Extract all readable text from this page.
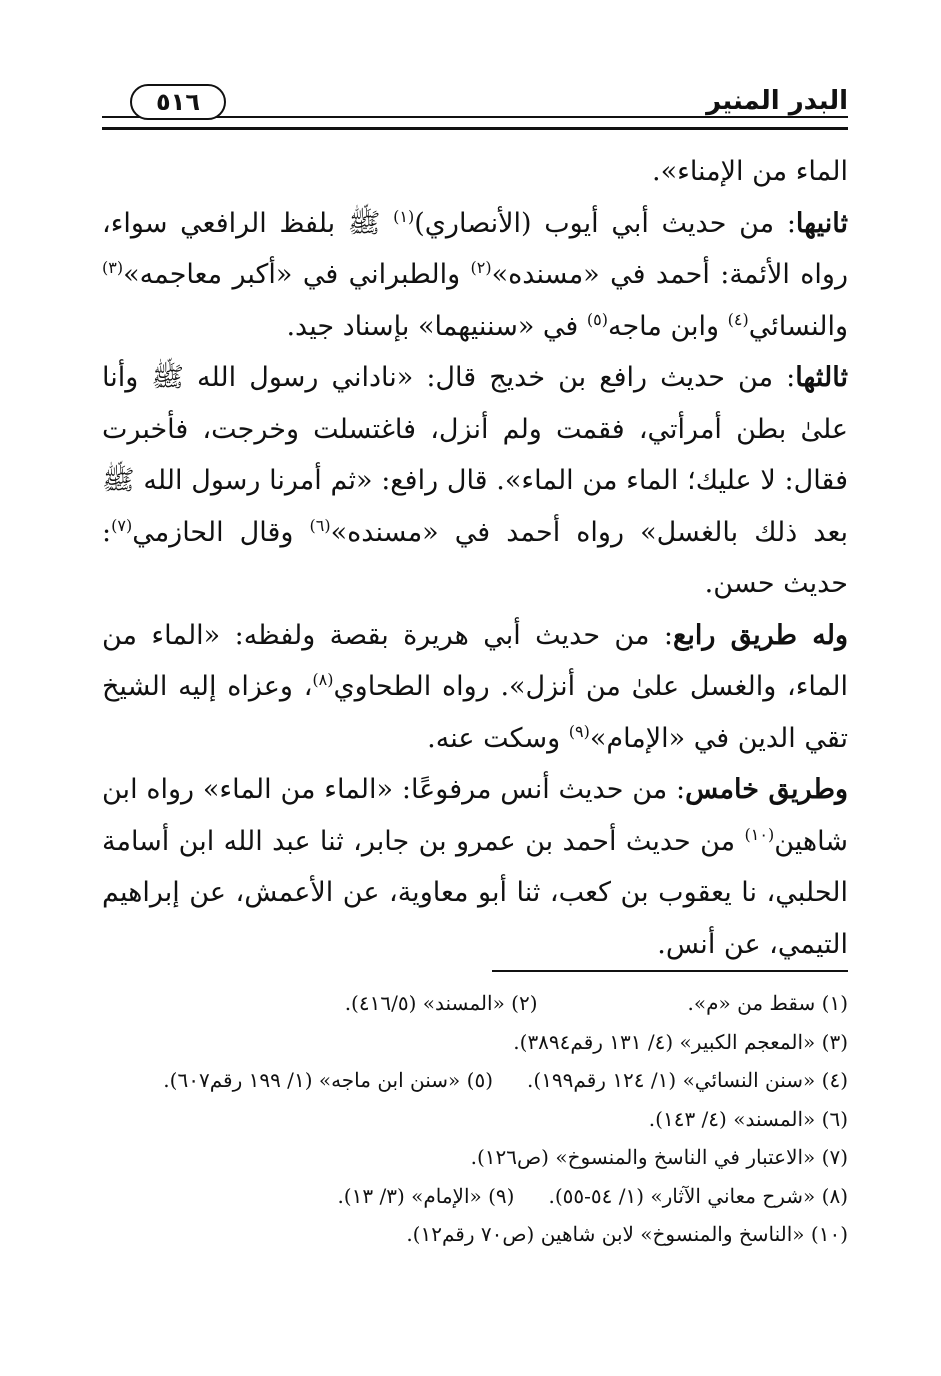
البدر المنير
٥١٦

الماء من الإمناء».

ثانيها: من حديث أبي أيوب (الأنصاري)$^{(١)}$ ﷺ بلفظ الرافعي سواء، رواه الأئمة: أحمد في «مسنده»$^{(٢)}$ والطبراني في «أكبر معاجمه»$^{(٣)}$ والنسائي$^{(٤)}$ وابن ماجه$^{(٥)}$ في «سننيهما» بإسناد جيد.

ثالثها: من حديث رافع بن خديج قال: «ناداني رسول الله ﷺ وأنا علىٰ بطن أمرأتي، فقمت ولم أنزل، فاغتسلت وخرجت، فأخبرت فقال: لا عليك؛ الماء من الماء». قال رافع: «ثم أمرنا رسول الله ﷺ بعد ذلك بالغسل» رواه أحمد في «مسنده»$^{(٦)}$ وقال الحازمي$^{(٧)}$: حديث حسن.

وله طريق رابع: من حديث أبي هريرة بقصة ولفظه: «الماء من الماء، والغسل علىٰ من أنزل». رواه الطحاوي$^{(٨)}$، وعزاه إليه الشيخ تقي الدين في «الإمام»$^{(٩)}$ وسكت عنه.

وطريق خامس: من حديث أنس مرفوعًا: «الماء من الماء» رواه ابن شاهين$^{(١٠)}$ من حديث أحمد بن عمرو بن جابر، ثنا عبد الله ابن أسامة الحلبي، نا يعقوب بن كعب، ثنا أبو معاوية، عن الأعمش، عن إبراهيم التيمي، عن أنس.

(١) سقط من «م».
(٢) «المسند» (٤١٦/٥).
(٣) «المعجم الكبير» (٤/ ١٣١ رقم٣٨٩٤).
(٤) «سنن النسائي» (١/ ١٢٤ رقم١٩٩).
(٥) «سنن ابن ماجه» (١/ ١٩٩ رقم٦٠٧).
(٦) «المسند» (٤/ ١٤٣).
(٧) «الاعتبار في الناسخ والمنسوخ» (ص١٢٦).
(٨) «شرح معاني الآثار» (١/ ٥٤-٥٥).
(٩) «الإمام» (٣/ ١٣).
(١٠) «الناسخ والمنسوخ» لابن شاهين (ص٧٠ رقم١٢).
